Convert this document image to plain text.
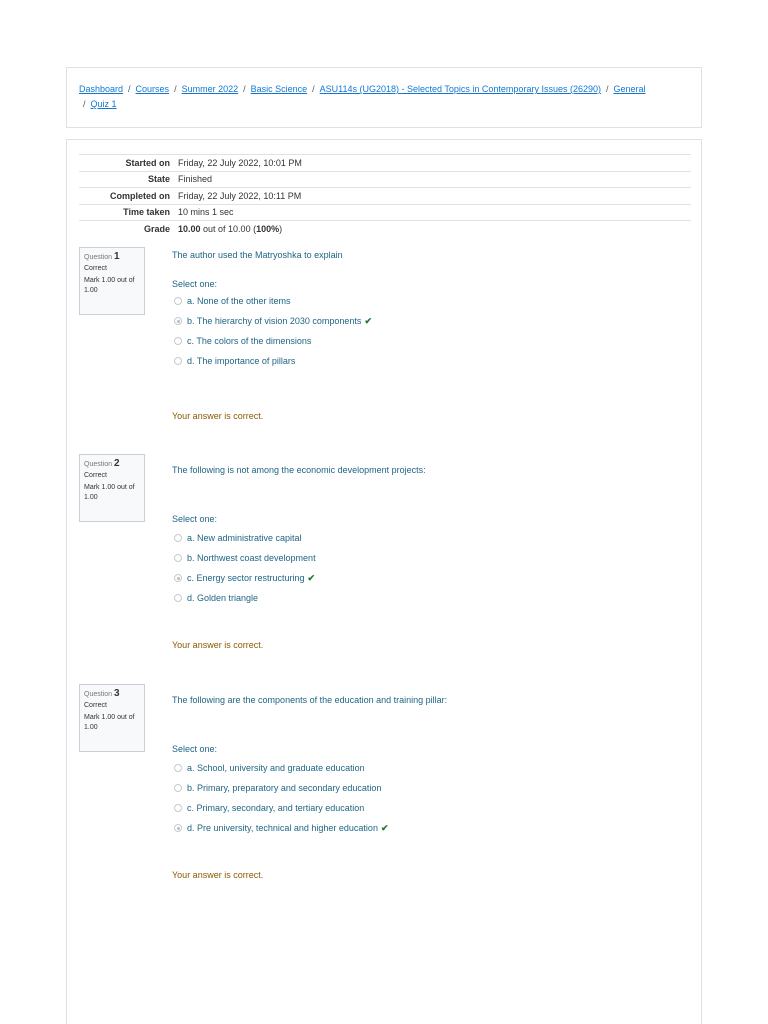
Dashboard / Courses / Summer 2022 / Basic Science / ASU114s (UG2018) - Selected Topics in Contemporary Issues (26290) / General
/ Quiz 1
Started on	Friday, 22 July 2022, 10:01 PM
State	Finished
Completed on	Friday, 22 July 2022, 10:11 PM
Time taken	10 mins 1 sec
Grade	10.00 out of 10.00 (100%)
Question 1
Correct
Mark 1.00 out of 1.00
The author used the Matryoshka to explain
Select one:
a. None of the other items
b. The hierarchy of vision 2030 components ✔
c. The colors of the dimensions
d. The importance of pillars
Your answer is correct.
Question 2
Correct
Mark 1.00 out of 1.00
The following is not among the economic development projects:
Select one:
a. New administrative capital
b. Northwest coast development
c. Energy sector restructuring ✔
d. Golden triangle
Your answer is correct.
Question 3
Correct
Mark 1.00 out of 1.00
The following are the components of the education and training pillar:
Select one:
a. School, university and graduate education
b. Primary, preparatory and secondary education
c. Primary, secondary, and tertiary education
d. Pre university, technical and higher education ✔
Your answer is correct.
